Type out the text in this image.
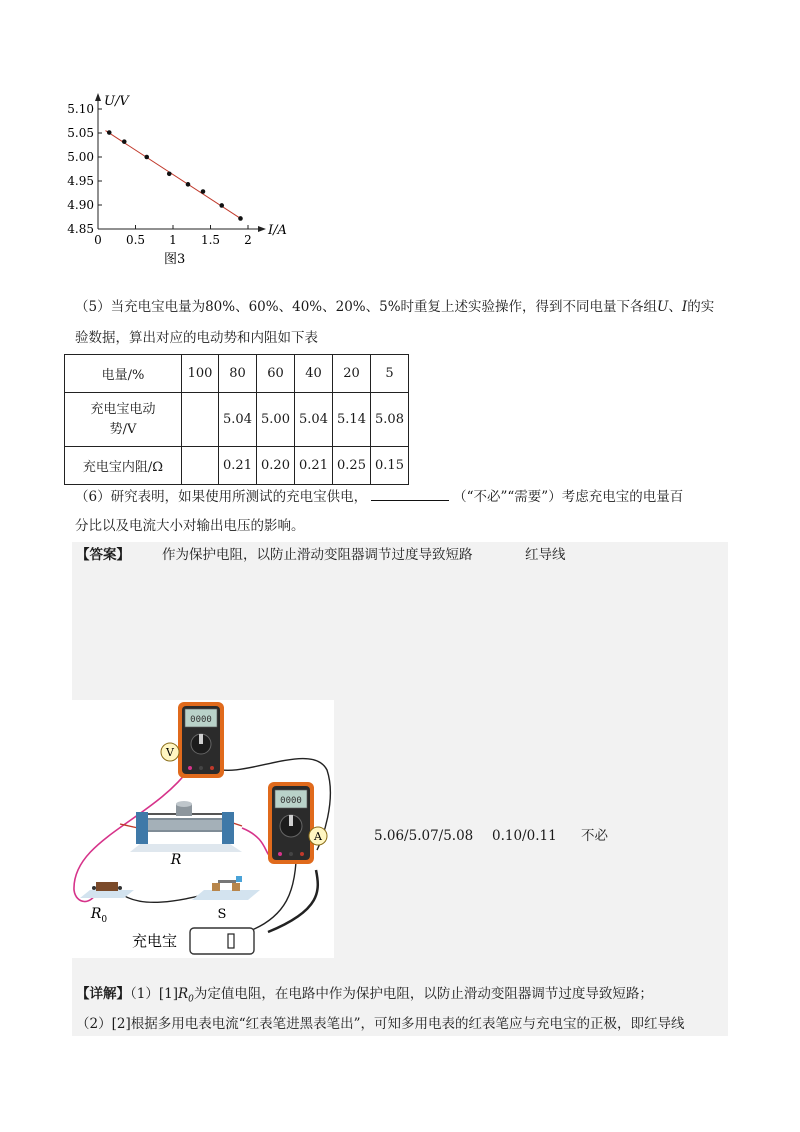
U/V
I/A
5.10
5.05
5.00
4.95
4.90
4.85
0 0.5 1 1.5 2
图3
（5）当充电宝电量为80%、60%、40%、20%、5%时重复上述实验操作，得到不同电量下各组U、I的实
验数据，算出对应的电动势和内阻如下表
电量/%	100	80	60	40	20	5
充电宝电动
势/V		5.04	5.00	5.04	5.14	5.08
充电宝内阻/Ω		0.21	0.20	0.21	0.25	0.15
（6）研究表明，如果使用所测试的充电宝供电，	（“不必”“需要”）考虑充电宝的电量百
分比以及电流大小对输出电压的影响。
【答案】 作为保护电阻，以防止滑动变阻器调节过度导致短路	红导线
0000
V
0000
A
R
$R_0$	S
充电宝
5.06/5.07/5.08 0.10/0.11 不必
【详解】$(1)[1]R_0$为定值电阻，在电路中作为保护电阻，以防止滑动变阻器调节过度导致短路；
（2）[2]根据多用电表电流“红表笔进黑表笔出”，可知多用电表的红表笔应与充电宝的正极，即红导线
